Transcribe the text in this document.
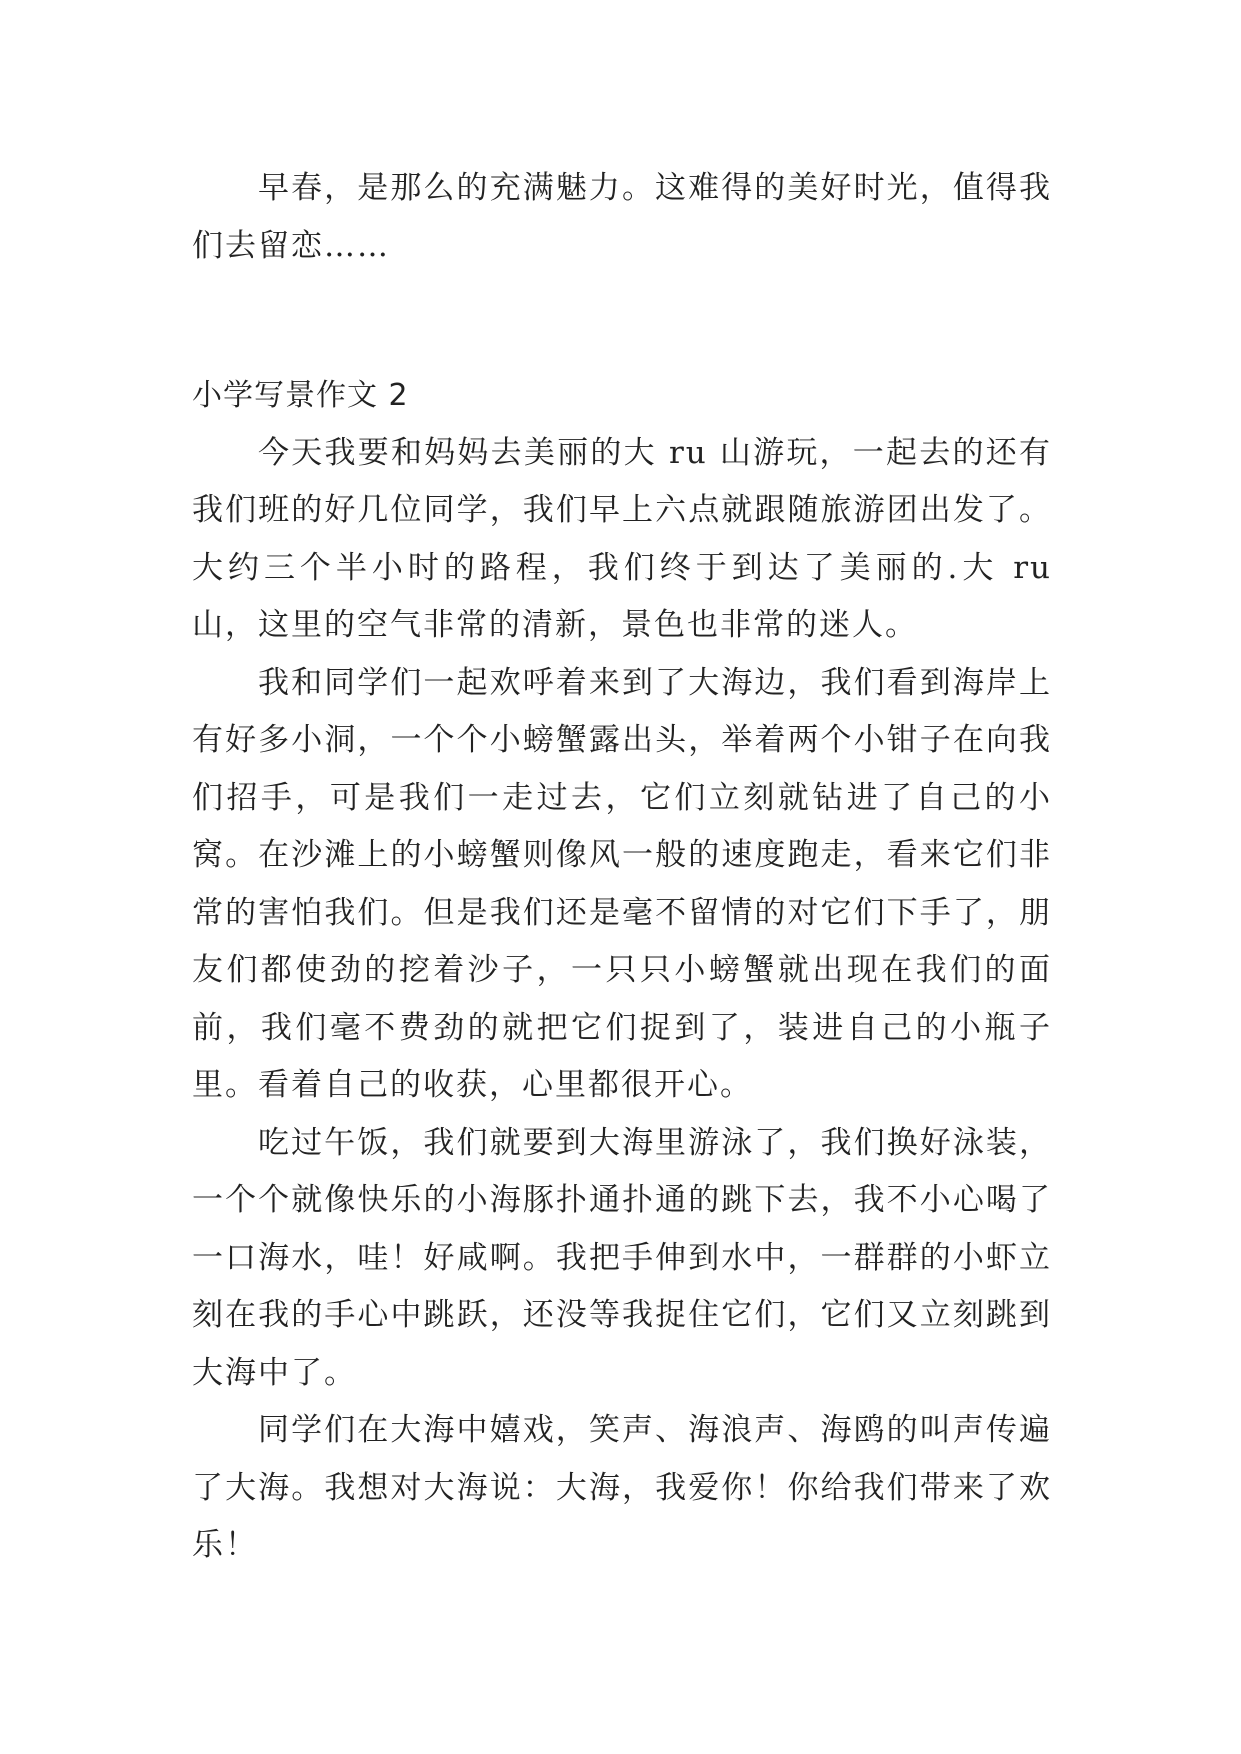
早春，是那么的充满魅力。这难得的美好时光，值得我们去留恋……

小学写景作文 2

今天我要和妈妈去美丽的大 ru 山游玩，一起去的还有我们班的好几位同学，我们早上六点就跟随旅游团出发了。大约三个半小时的路程，我们终于到达了美丽的.大 ru 山，这里的空气非常的清新，景色也非常的迷人。

我和同学们一起欢呼着来到了大海边，我们看到海岸上有好多小洞，一个个小螃蟹露出头，举着两个小钳子在向我们招手，可是我们一走过去，它们立刻就钻进了自己的小窝。在沙滩上的小螃蟹则像风一般的速度跑走，看来它们非常的害怕我们。但是我们还是毫不留情的对它们下手了，朋友们都使劲的挖着沙子，一只只小螃蟹就出现在我们的面前，我们毫不费劲的就把它们捉到了，装进自己的小瓶子里。看着自己的收获，心里都很开心。

吃过午饭，我们就要到大海里游泳了，我们换好泳装，一个个就像快乐的小海豚扑通扑通的跳下去，我不小心喝了一口海水，哇！好咸啊。我把手伸到水中，一群群的小虾立刻在我的手心中跳跃，还没等我捉住它们，它们又立刻跳到大海中了。

同学们在大海中嬉戏，笑声、海浪声、海鸥的叫声传遍了大海。我想对大海说：大海，我爱你！你给我们带来了欢乐！
